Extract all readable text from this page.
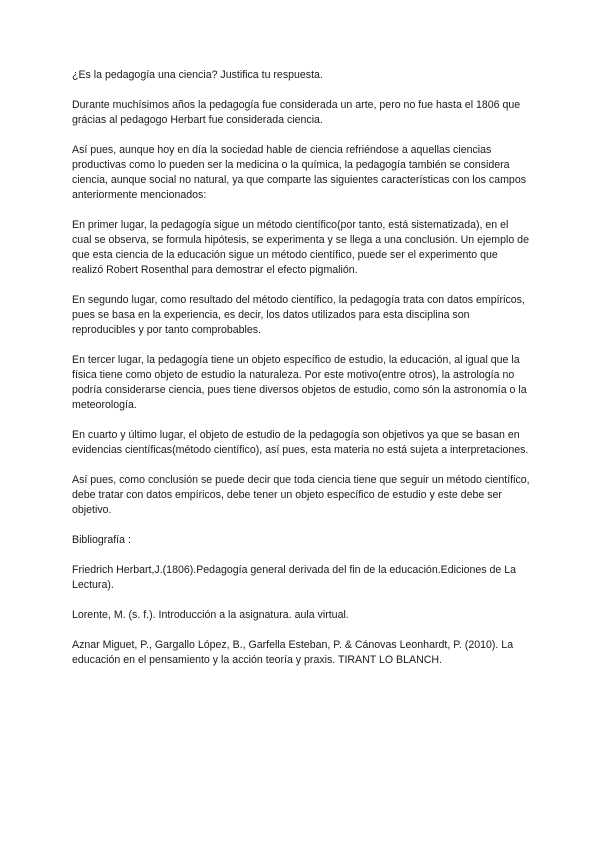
¿Es la pedagogía una ciencia? Justifica tu respuesta.

Durante muchísimos años la pedagogía fue considerada un arte, pero no fue hasta el 1806 que grácias al pedagogo Herbart fue considerada ciencia.

Así pues, aunque hoy en día la sociedad hable de ciencia refriéndose a aquellas ciencias productivas como lo pueden ser la medicina o la química, la pedagogía también se considera ciencia, aunque social no natural, ya que comparte las siguientes características con los campos anteriormente mencionados:

En primer lugar, la pedagogía sigue un método científico(por tanto, está sistematizada), en el cual se observa, se formula hipótesis, se experimenta y se llega a una conclusión. Un ejemplo de que esta ciencia de la educación sigue un método científico, puede ser el experimento que realizó Robert Rosenthal para demostrar el efecto pigmalión.

En segundo lugar, como resultado del método científico, la pedagogía trata con datos empíricos, pues se basa en la experiencia, es decir, los datos utilizados para esta disciplina son reproducibles y por tanto comprobables.

En tercer lugar, la pedagogía tiene un objeto específico de estudio, la educación, al igual que la física tiene como objeto de estudio la naturaleza. Por este motivo(entre otros), la astrología no podría considerarse ciencia, pues tiene diversos objetos de estudio, como són la astronomía o la meteorología.

En cuarto y último lugar, el objeto de estudio de la pedagogía son objetivos ya que se basan en evidencias científicas(método científico), así pues, esta materia no está sujeta a interpretaciones.

Así pues, como conclusión se puede decir que toda ciencia tiene que seguir un método científico, debe tratar con datos empíricos, debe tener un objeto específico de estudio y este debe ser objetivo.

Bibliografía :

Friedrich Herbart,J.(1806).Pedagogía general derivada del fin de la educación.Ediciones de La Lectura).

Lorente, M. (s. f.). Introducción a la asignatura. aula virtual.

Aznar Miguet, P., Gargallo López, B., Garfella Esteban, P. & Cánovas Leonhardt, P. (2010). La educación en el pensamiento y la acción teoría y praxis. TIRANT LO BLANCH.
